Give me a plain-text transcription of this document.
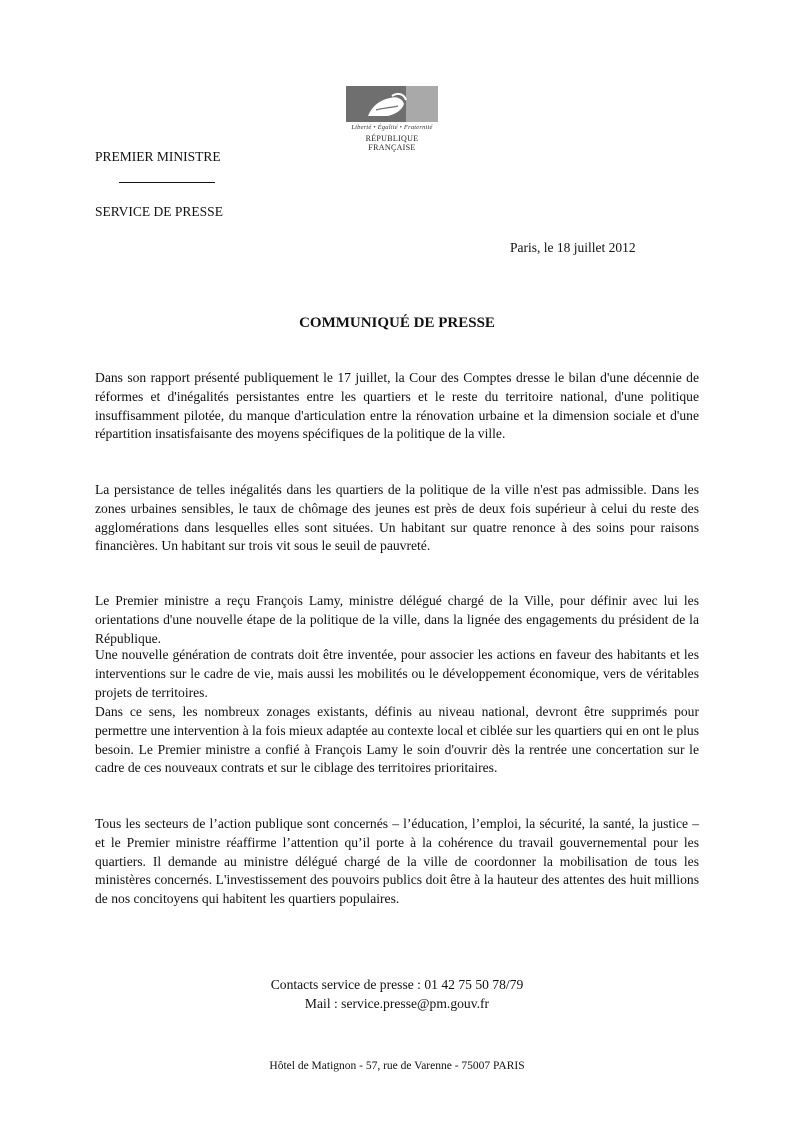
Liberté • Égalité • Fraternité
RÉPUBLIQUE FRANÇAISE
PREMIER MINISTRE
SERVICE DE PRESSE
Paris, le 18 juillet 2012
COMMUNIQUÉ DE PRESSE

Dans son rapport présenté publiquement le 17 juillet, la Cour des Comptes dresse le bilan d'une décennie de réformes et d'inégalités persistantes entre les quartiers et le reste du territoire national, d'une politique insuffisamment pilotée, du manque d'articulation entre la rénovation urbaine et la dimension sociale et d'une répartition insatisfaisante des moyens spécifiques de la politique de la ville.

La persistance de telles inégalités dans les quartiers de la politique de la ville n'est pas admissible. Dans les zones urbaines sensibles, le taux de chômage des jeunes est près de deux fois supérieur à celui du reste des agglomérations dans lesquelles elles sont situées. Un habitant sur quatre renonce à des soins pour raisons financières. Un habitant sur trois vit sous le seuil de pauvreté.

Le Premier ministre a reçu François Lamy, ministre délégué chargé de la Ville, pour définir avec lui les orientations d'une nouvelle étape de la politique de la ville, dans la lignée des engagements du président de la République.

Une nouvelle génération de contrats doit être inventée, pour associer les actions en faveur des habitants et les interventions sur le cadre de vie, mais aussi les mobilités ou le développement économique, vers de véritables projets de territoires.

Dans ce sens, les nombreux zonages existants, définis au niveau national, devront être supprimés pour permettre une intervention à la fois mieux adaptée au contexte local et ciblée sur les quartiers qui en ont le plus besoin. Le Premier ministre a confié à François Lamy le soin d'ouvrir dès la rentrée une concertation sur le cadre de ces nouveaux contrats et sur le ciblage des territoires prioritaires.

Tous les secteurs de l’action publique sont concernés – l’éducation, l’emploi, la sécurité, la santé, la justice – et le Premier ministre réaffirme l’attention qu’il porte à la cohérence du travail gouvernemental pour les quartiers. Il demande au ministre délégué chargé de la ville de coordonner la mobilisation de tous les ministères concernés. L'investissement des pouvoirs publics doit être à la hauteur des attentes des huit millions de nos concitoyens qui habitent les quartiers populaires.

Contacts service de presse : 01 42 75 50 78/79
Mail : service.presse@pm.gouv.fr
Hôtel de Matignon - 57, rue de Varenne - 75007 PARIS
